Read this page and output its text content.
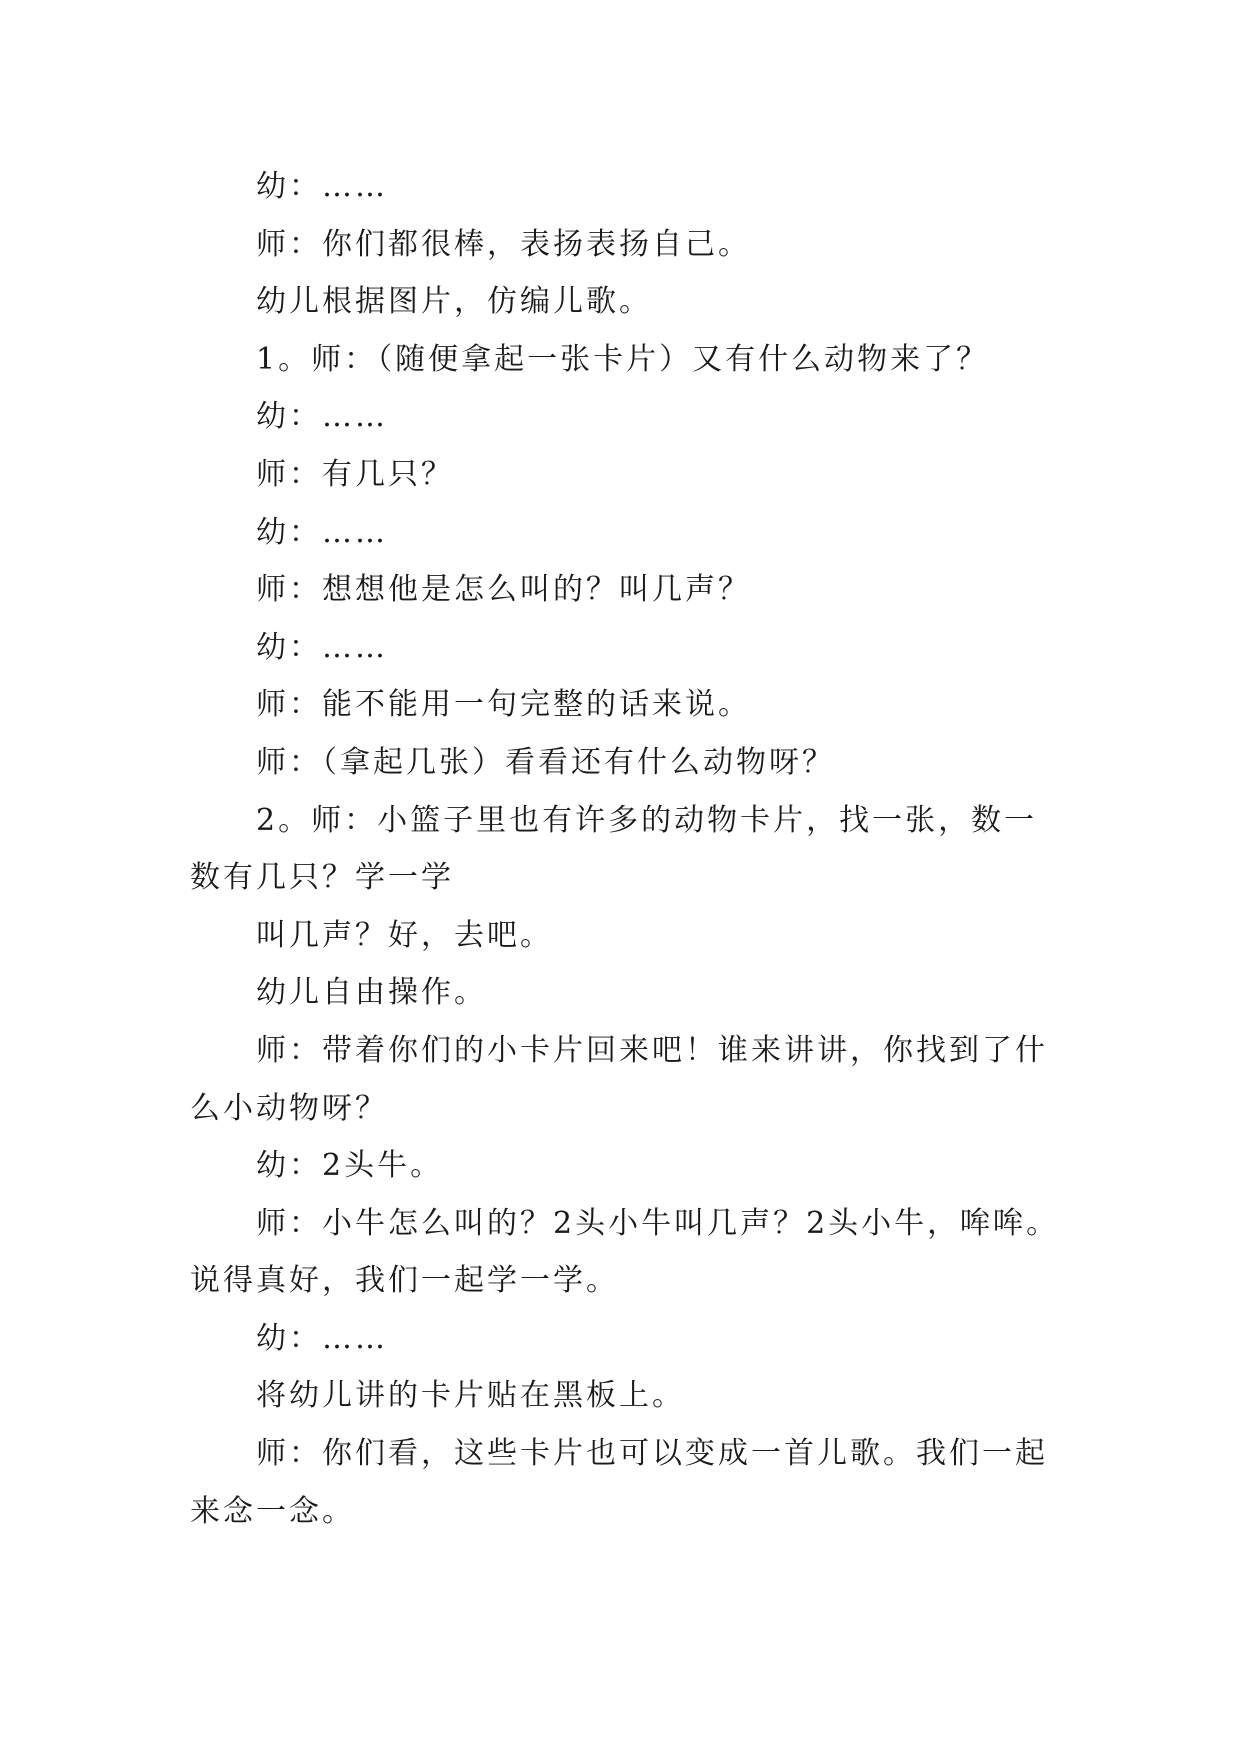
幼：……

师：你们都很棒，表扬表扬自己。

幼儿根据图片，仿编儿歌。

1。师：（随便拿起一张卡片）又有什么动物来了？

幼：……

师：有几只？

幼：……

师：想想他是怎么叫的？叫几声？

幼：……

师：能不能用一句完整的话来说。

师：（拿起几张）看看还有什么动物呀？

2。师：小篮子里也有许多的动物卡片，找一张，数一数有几只？学一学

叫几声？好，去吧。

幼儿自由操作。

师：带着你们的小卡片回来吧！谁来讲讲，你找到了什么小动物呀？

幼：2头牛。

师：小牛怎么叫的？2头小牛叫几声？2头小牛，哞哞。说得真好，我们一起学一学。

幼：……

将幼儿讲的卡片贴在黑板上。

师：你们看，这些卡片也可以变成一首儿歌。我们一起来念一念。
